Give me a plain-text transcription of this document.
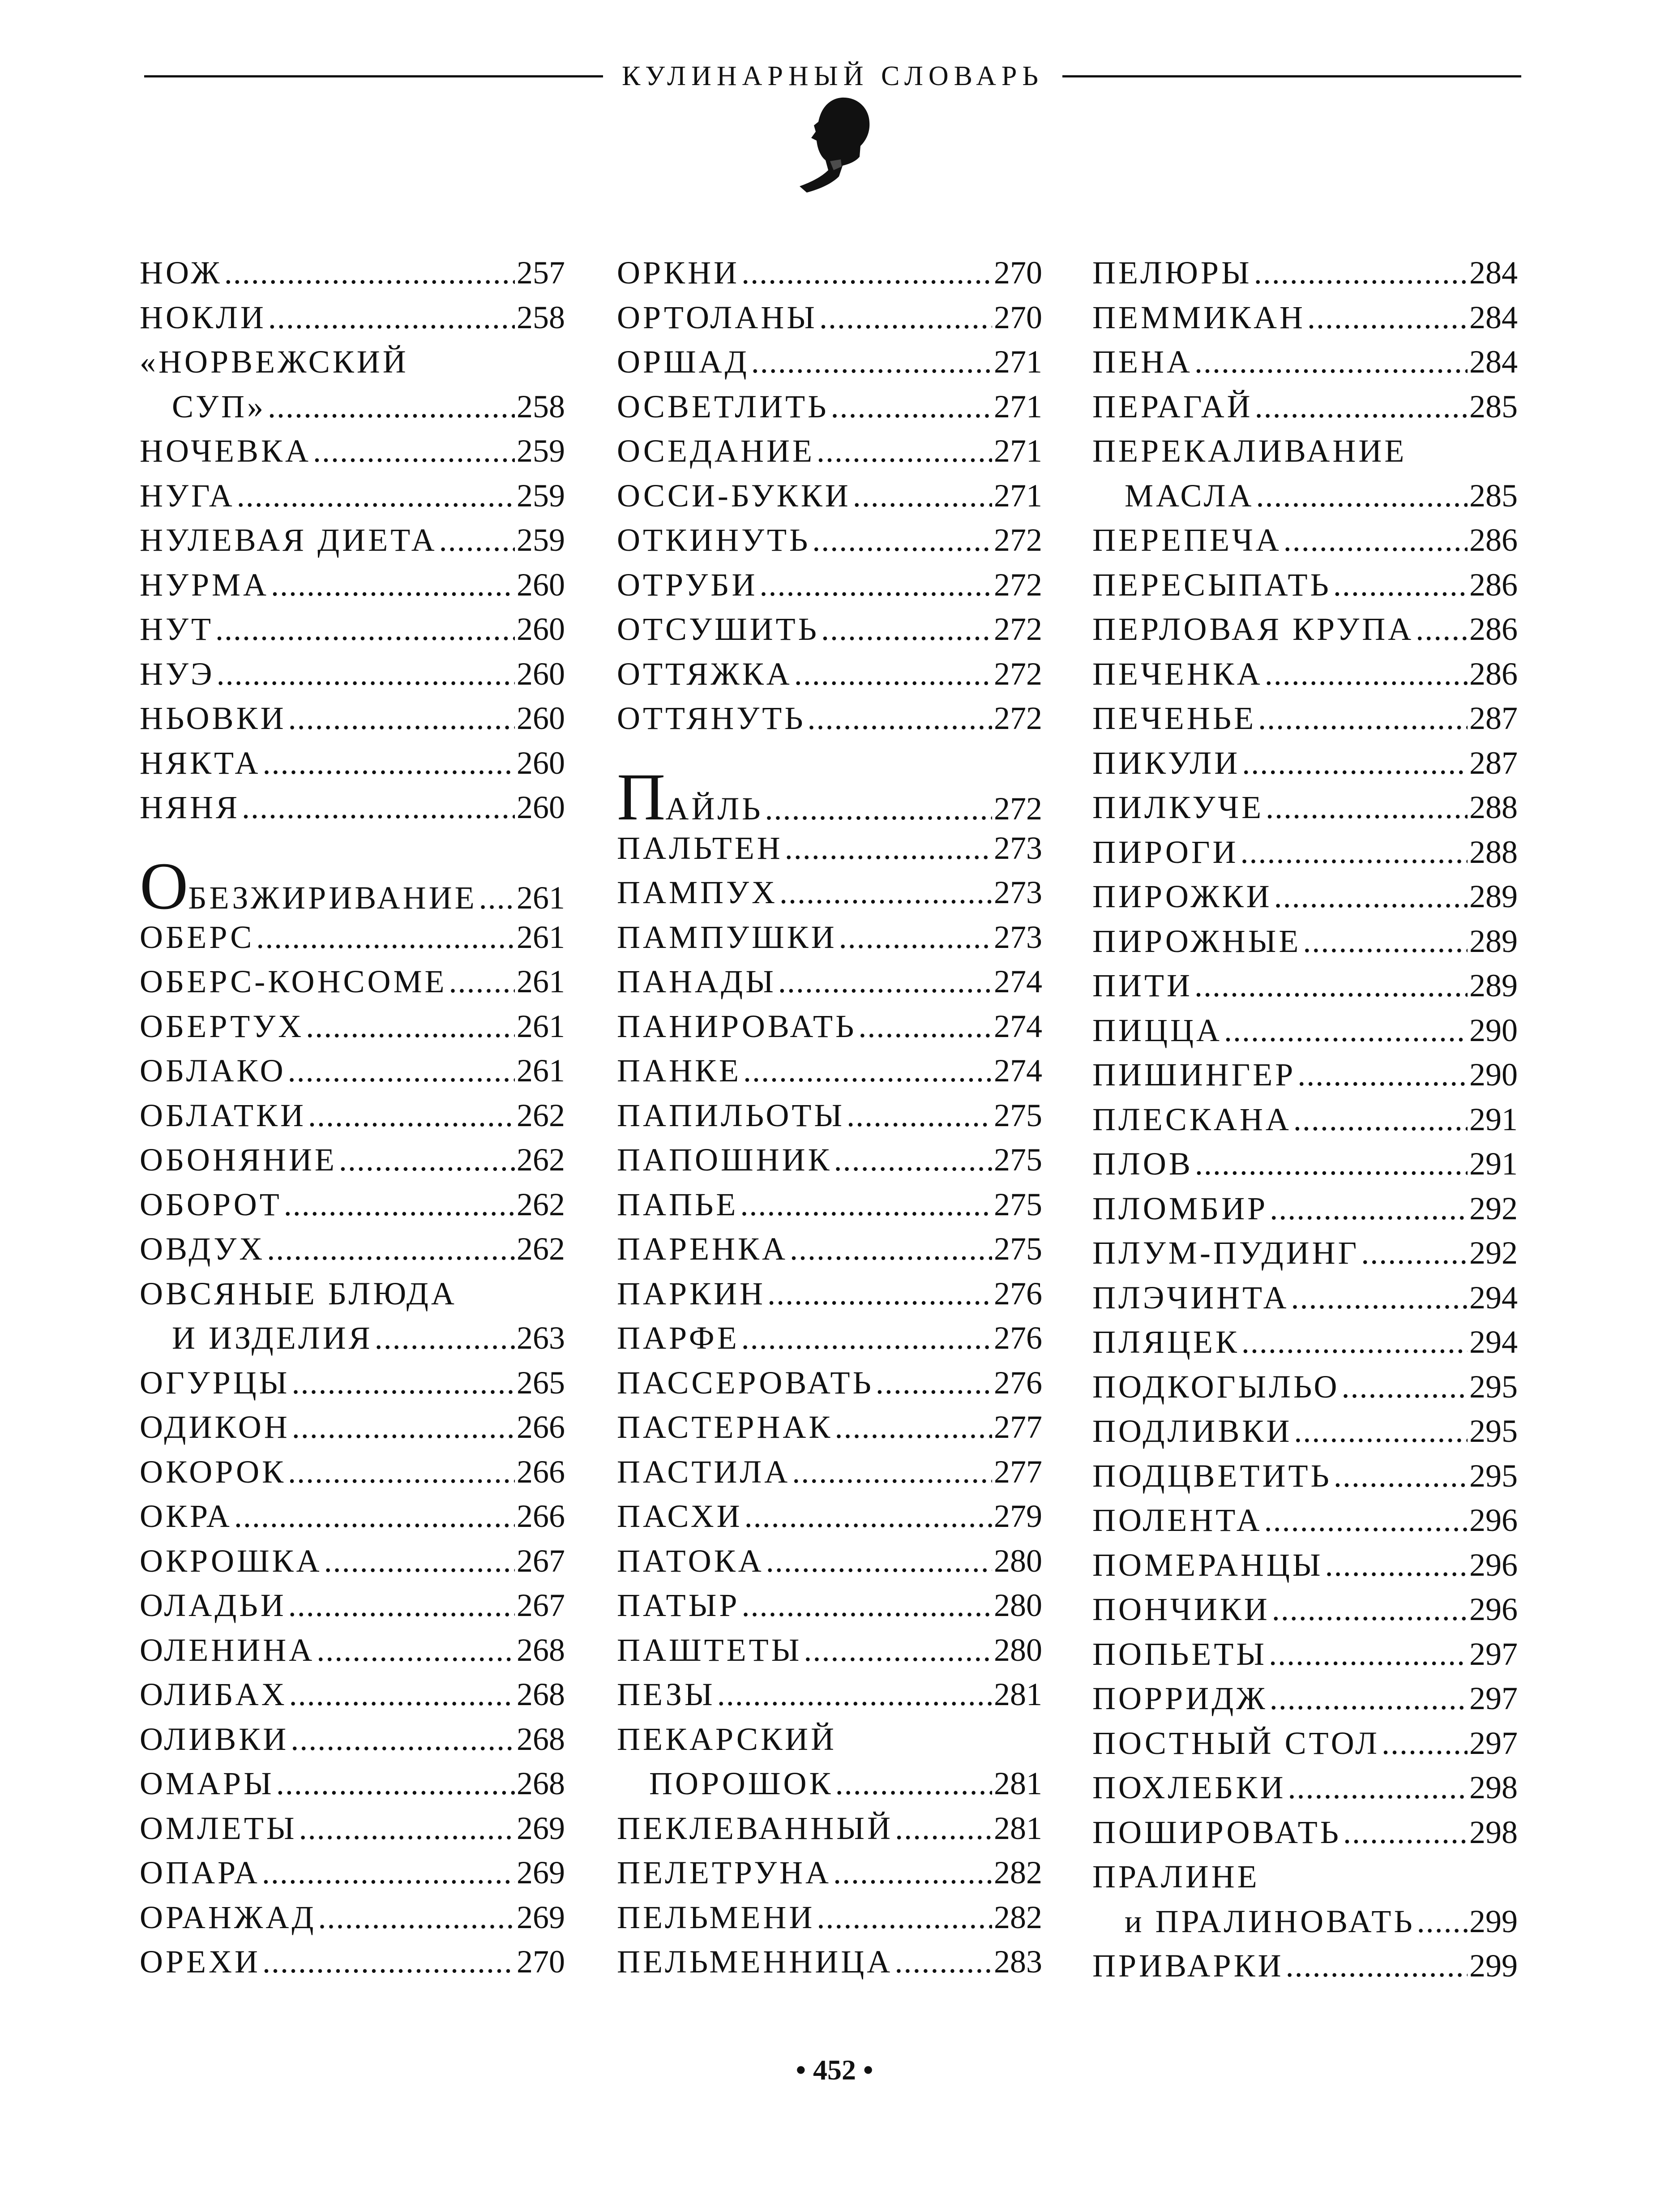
КУЛИНАРНЫЙ СЛОВАРЬ
НОЖ .....	257
НОКЛИ .....	258
«НОРВЕЖСКИЙ
СУП» .....	258
НОЧЕВКА .....	259
НУГА .....	259
НУЛЕВАЯ ДИЕТА ..... 259
НУРМА .....	260
НУТ .....	260
НУЭ .....	260
НЬОВКИ .....	260
НЯКТА .....	260
НЯНЯ .....	260
ОБЕЗЖИРИВАНИЕ ..... 261
ОБЕРС .....	261
ОБЕРС-КОНСОМЕ ..... 261
ОБЕРТУХ .....	261
ОБЛАКО .....	261
ОБЛАТКИ .....	262
ОБОНЯНИЕ .....	262
ОБОРОТ .....	262
ОВДУХ .....	262
ОВСЯНЫЕ БЛЮДА
И ИЗДЕЛИЯ .....	263
ОГУРЦЫ .....	265
ОДИКОН .....	266
ОКОРОК .....	266
ОКРА .....	266
ОКРОШКА .....	267
ОЛАДЬИ .....	267
ОЛЕНИНА .....	268
ОЛИБАХ .....	268
ОЛИВКИ .....	268
ОМАРЫ .....	268
ОМЛЕТЫ .....	269
ОПАРА .....	269
ОРАНЖАД .....	269
ОРЕХИ .....	270
ОРКНИ .....	270
ОРТОЛАНЫ .....	270
ОРШАД .....	271
ОСВЕТЛИТЬ .....	271
ОСЕДАНИЕ .....	271
ОССИ-БУККИ .....	271
ОТКИНУТЬ .....	272
ОТРУБИ .....	272
ОТСУШИТЬ .....	272
ОТТЯЖКА .....	272
ОТТЯНУТЬ .....	272
ПАЙЛЬ .....	272
ПАЛЬТЕН .....	273
ПАМПУХ .....	273
ПАМПУШКИ .....	273
ПАНАДЫ .....	274
ПАНИРОВАТЬ .....	274
ПАНКЕ .....	274
ПАПИЛЬОТЫ .....	275
ПАПОШНИК .....	275
ПАПЬЕ .....	275
ПАРЕНКА .....	275
ПАРКИН .....	276
ПАРФЕ .....	276
ПАССЕРОВАТЬ .....	276
ПАСТЕРНАК .....	277
ПАСТИЛА .....	277
ПАСХИ .....	279
ПАТОКА .....	280
ПАТЫР .....	280
ПАШТЕТЫ .....	280
ПЕЗЫ .....	281
ПЕКАРСКИЙ
ПОРОШОК .....	281
ПЕКЛЕВАННЫЙ .....	281
ПЕЛЕТРУНА .....	282
ПЕЛЬМЕНИ .....	282
ПЕЛЬМЕННИЦА .....	283
ПЕЛЮРЫ .....	284
ПЕММИКАН .....	284
ПЕНА .....	284
ПЕРАГАЙ .....	285
ПЕРЕКАЛИВАНИЕ
МАСЛА .....	285
ПЕРЕПЕЧА .....	286
ПЕРЕСЫПАТЬ .....	286
ПЕРЛОВАЯ КРУПА ..... 286
ПЕЧЕНКА .....	286
ПЕЧЕНЬЕ .....	287
ПИКУЛИ .....	287
ПИЛКУЧЕ .....	288
ПИРОГИ .....	288
ПИРОЖКИ .....	289
ПИРОЖНЫЕ .....	289
ПИТИ .....	289
ПИЦЦА .....	290
ПИШИНГЕР .....	290
ПЛЕСКАНА .....	291
ПЛОВ .....	291
ПЛОМБИР .....	292
ПЛУМ-ПУДИНГ .....	292
ПЛЭЧИНТА .....	294
ПЛЯЦЕК .....	294
ПОДКОГЫЛЬО .....	295
ПОДЛИВКИ .....	295
ПОДЦВЕТИТЬ .....	295
ПОЛЕНТА .....	296
ПОМЕРАНЦЫ .....	296
ПОНЧИКИ .....	296
ПОПЬЕТЫ .....	297
ПОРРИДЖ .....	297
ПОСТНЫЙ СТОЛ .....	297
ПОХЛЕБКИ .....	298
ПОШИРОВАТЬ .....	298
ПРАЛИНЕ
и ПРАЛИНОВАТЬ ..... 299
ПРИВАРКИ .....	299
• 452 •
